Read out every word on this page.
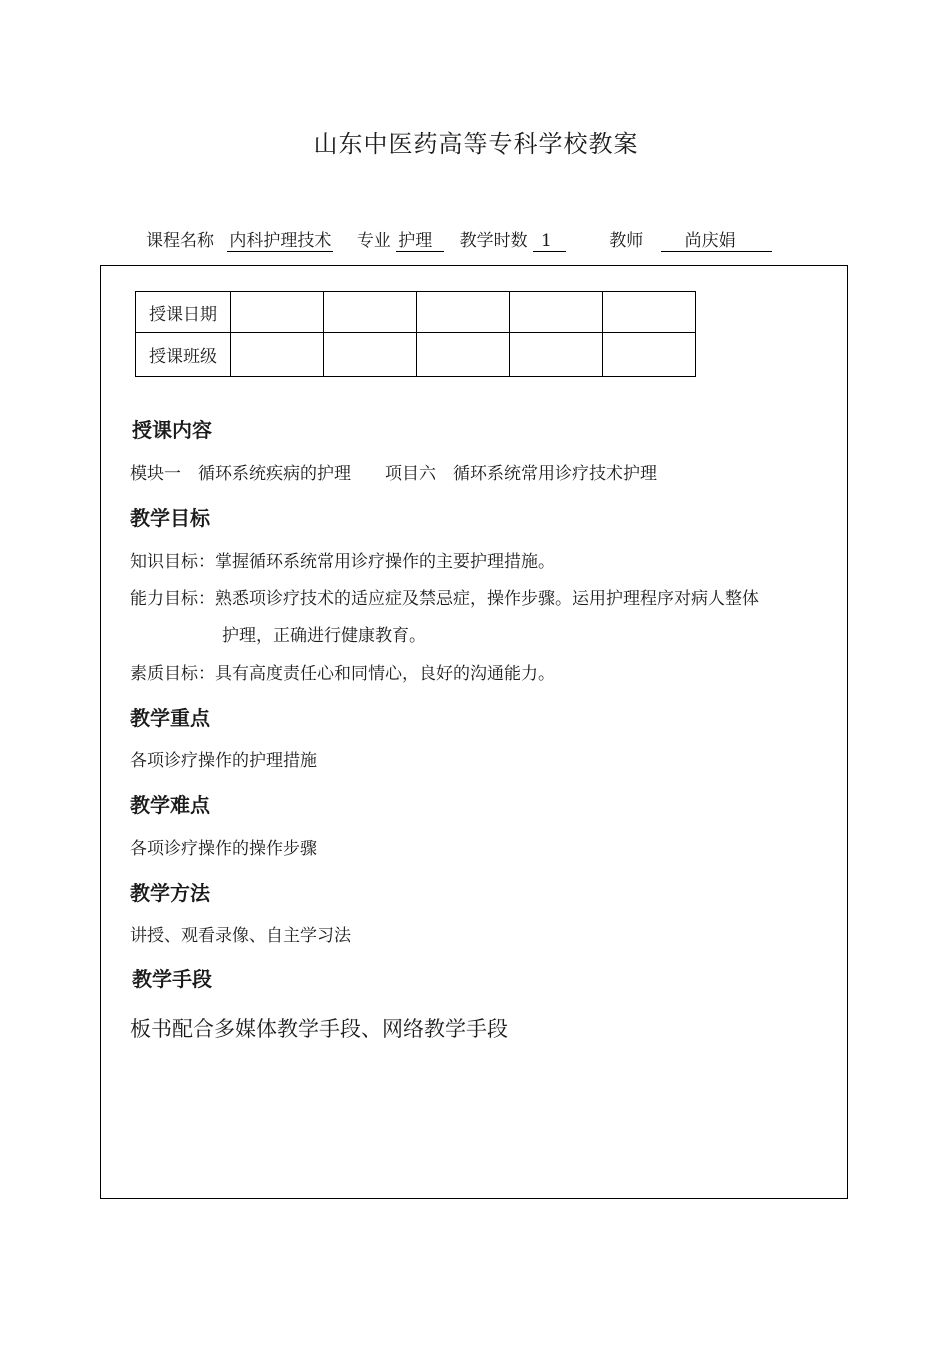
山东中医药高等专科学校教案
课程名称 内科护理技术 专业 护理 教学时数 1	教师 尚庆娟
授课日期					
授课班级					
授课内容
模块一　循环系统疾病的护理　　项目六　循环系统常用诊疗技术护理
教学目标
知识目标：掌握循环系统常用诊疗操作的主要护理措施。
能力目标：熟悉项诊疗技术的适应症及禁忌症，操作步骤。运用护理程序对病人整体
护理，正确进行健康教育。
素质目标：具有高度责任心和同情心，良好的沟通能力。
教学重点
各项诊疗操作的护理措施
教学难点
各项诊疗操作的操作步骤
教学方法
讲授、观看录像、自主学习法
教学手段
板书配合多媒体教学手段、网络教学手段
